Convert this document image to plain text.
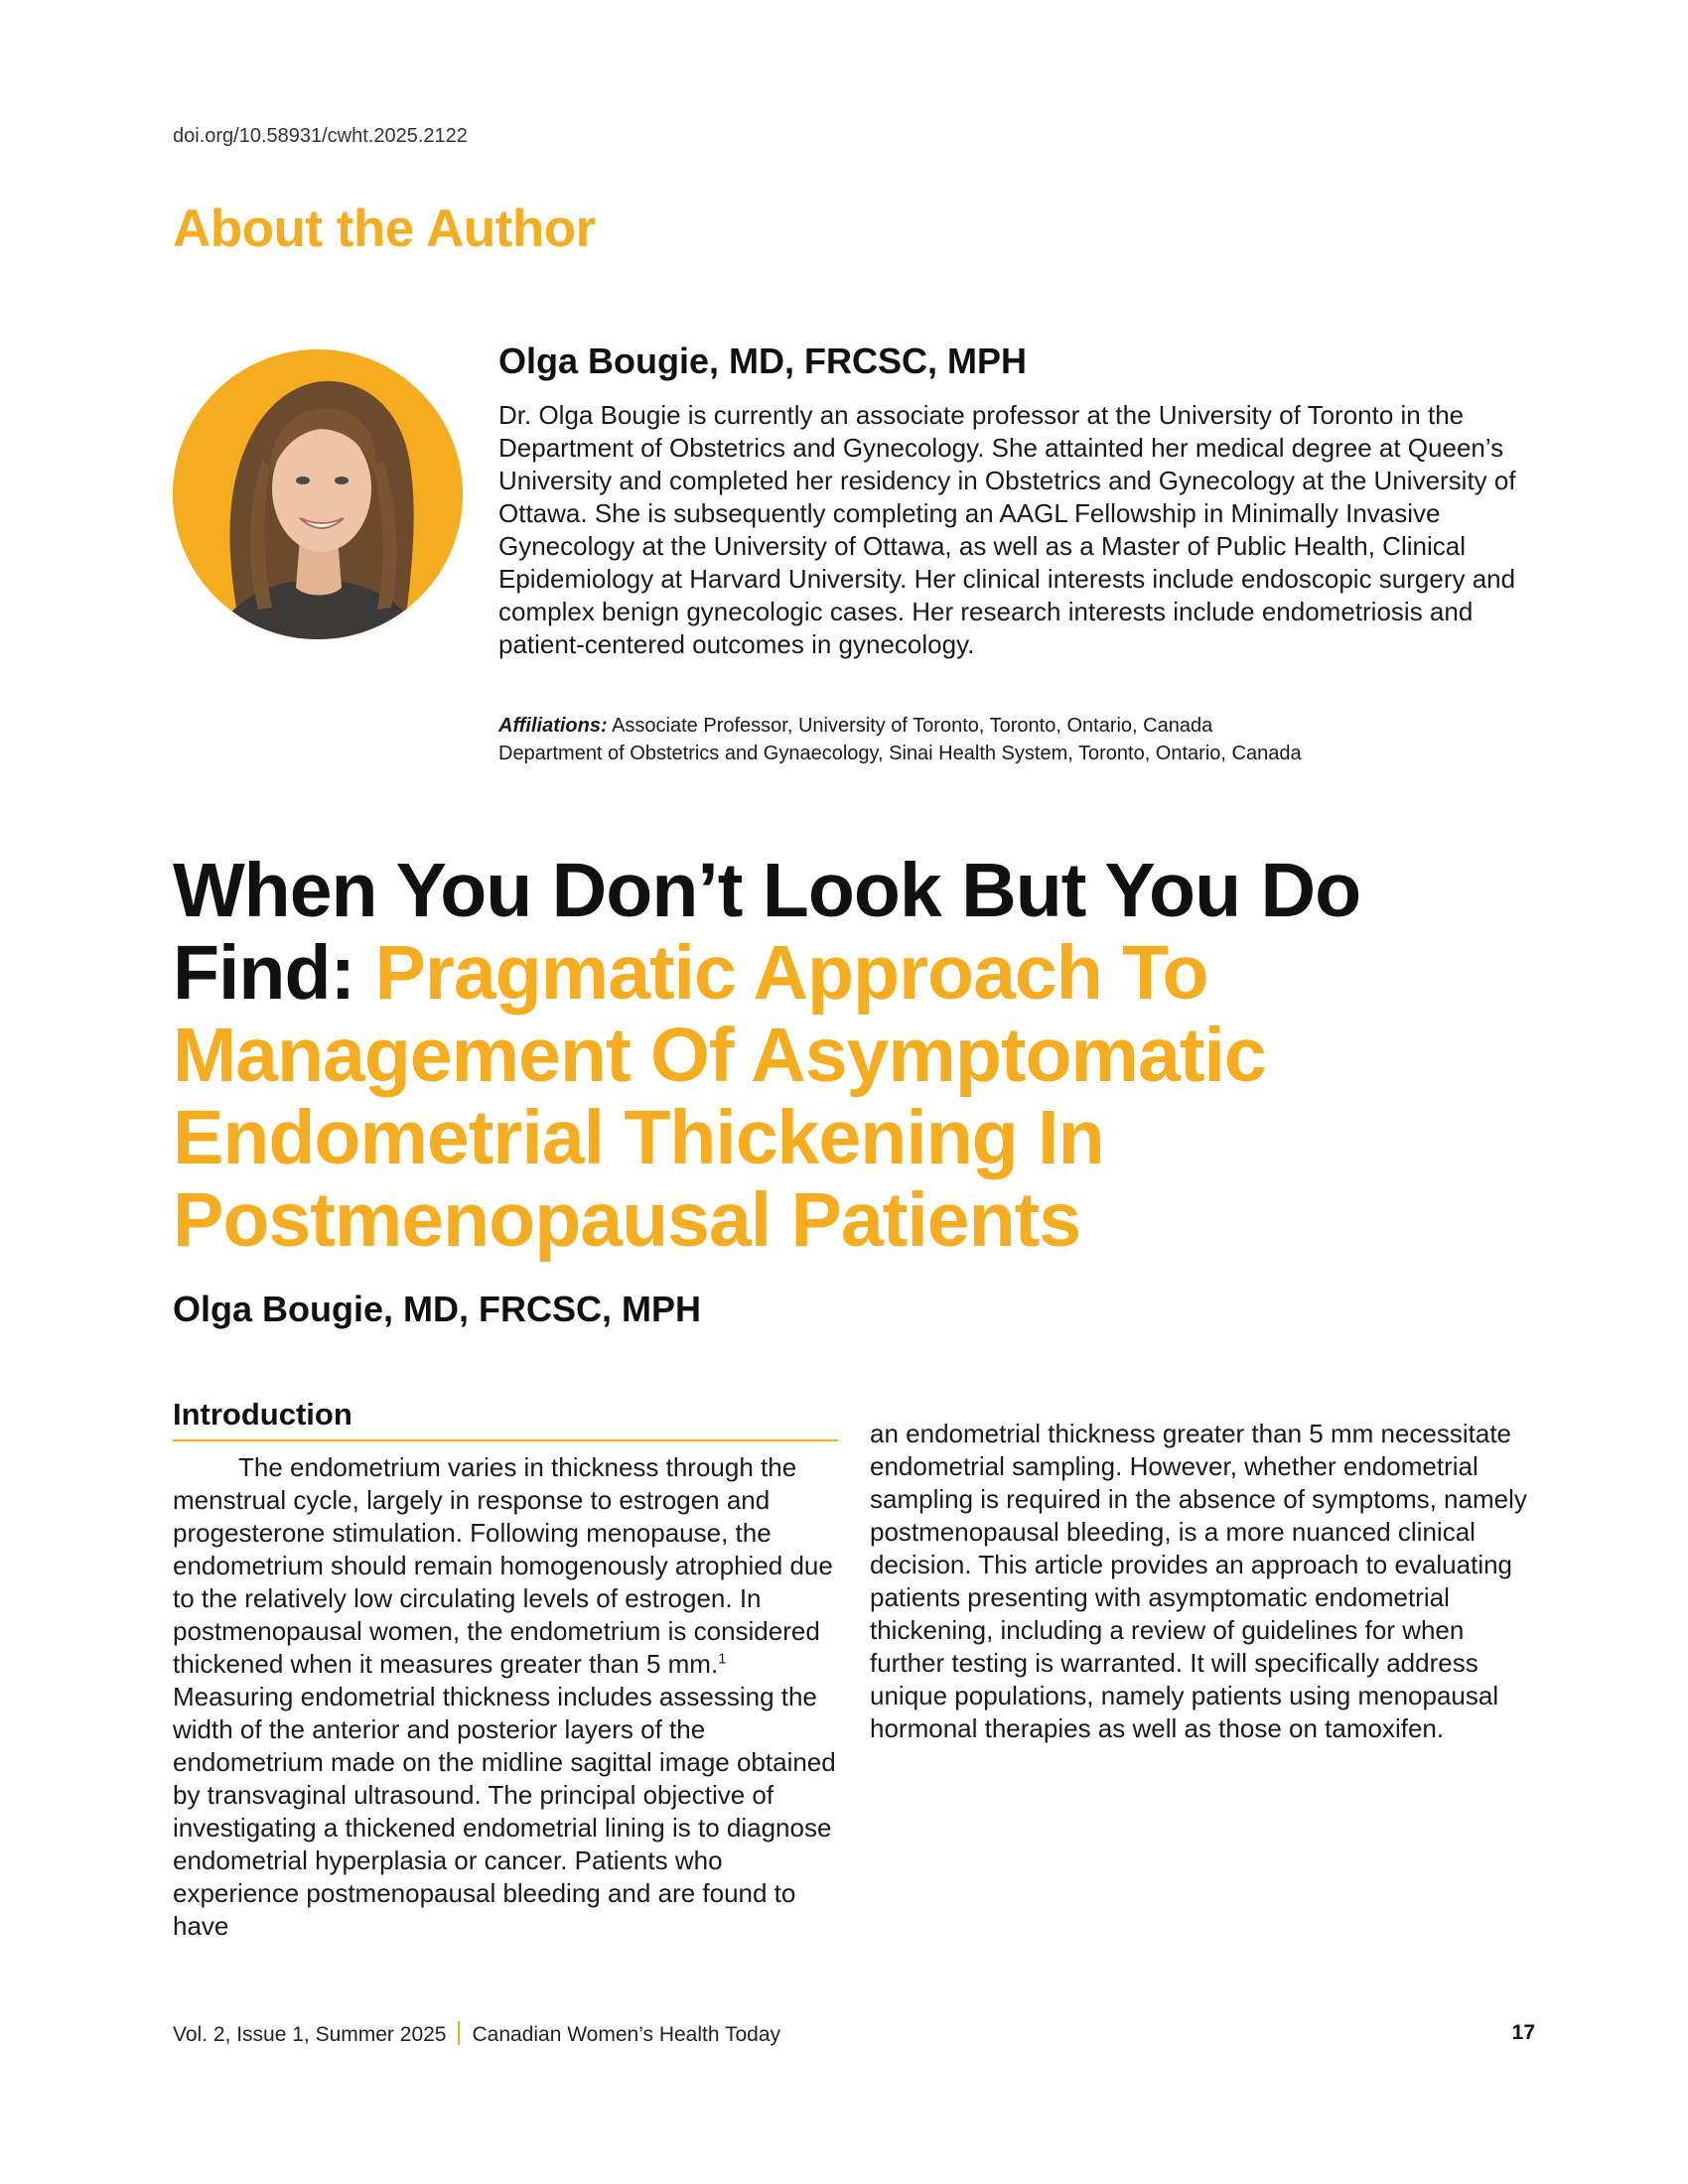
doi.org/10.58931/cwht.2025.2122
About the Author
Olga Bougie, MD, FRCSC, MPH

Dr. Olga Bougie is currently an associate professor at the University of Toronto in the Department of Obstetrics and Gynecology. She attainted her medical degree at Queen’s University and completed her residency in Obstetrics and Gynecology at the University of Ottawa. She is subsequently completing an AAGL Fellowship in Minimally Invasive Gynecology at the University of Ottawa, as well as a Master of Public Health, Clinical Epidemiology at Harvard University. Her clinical interests include endoscopic surgery and complex benign gynecologic cases. Her research interests include endometriosis and patient-centered outcomes in gynecology.

Affiliations: Associate Professor, University of Toronto, Toronto, Ontario, Canada
Department of Obstetrics and Gynaecology, Sinai Health System, Toronto, Ontario, Canada
When You Don’t Look But You Do Find: Pragmatic Approach To Management Of Asymptomatic Endometrial Thickening In Postmenopausal Patients
Olga Bougie, MD, FRCSC, MPH
Introduction

The endometrium varies in thickness through the menstrual cycle, largely in response to estrogen and progesterone stimulation. Following menopause, the endometrium should remain homogenously atrophied due to the relatively low circulating levels of estrogen. In postmenopausal women, the endometrium is considered thickened when it measures greater than 5 mm.$^1$ Measuring endometrial thickness includes assessing the width of the anterior and posterior layers of the endometrium made on the midline sagittal image obtained by transvaginal ultrasound. The principal objective of investigating a thickened endometrial lining is to diagnose endometrial hyperplasia or cancer. Patients who experience postmenopausal bleeding and are found to have

an endometrial thickness greater than 5 mm necessitate endometrial sampling. However, whether endometrial sampling is required in the absence of symptoms, namely postmenopausal bleeding, is a more nuanced clinical decision. This article provides an approach to evaluating patients presenting with asymptomatic endometrial thickening, including a review of guidelines for when further testing is warranted. It will specifically address unique populations, namely patients using menopausal hormonal therapies as well as those on tamoxifen.

Vol. 2, Issue 1, Summer 2025 Canadian Women’s Health Today	17
